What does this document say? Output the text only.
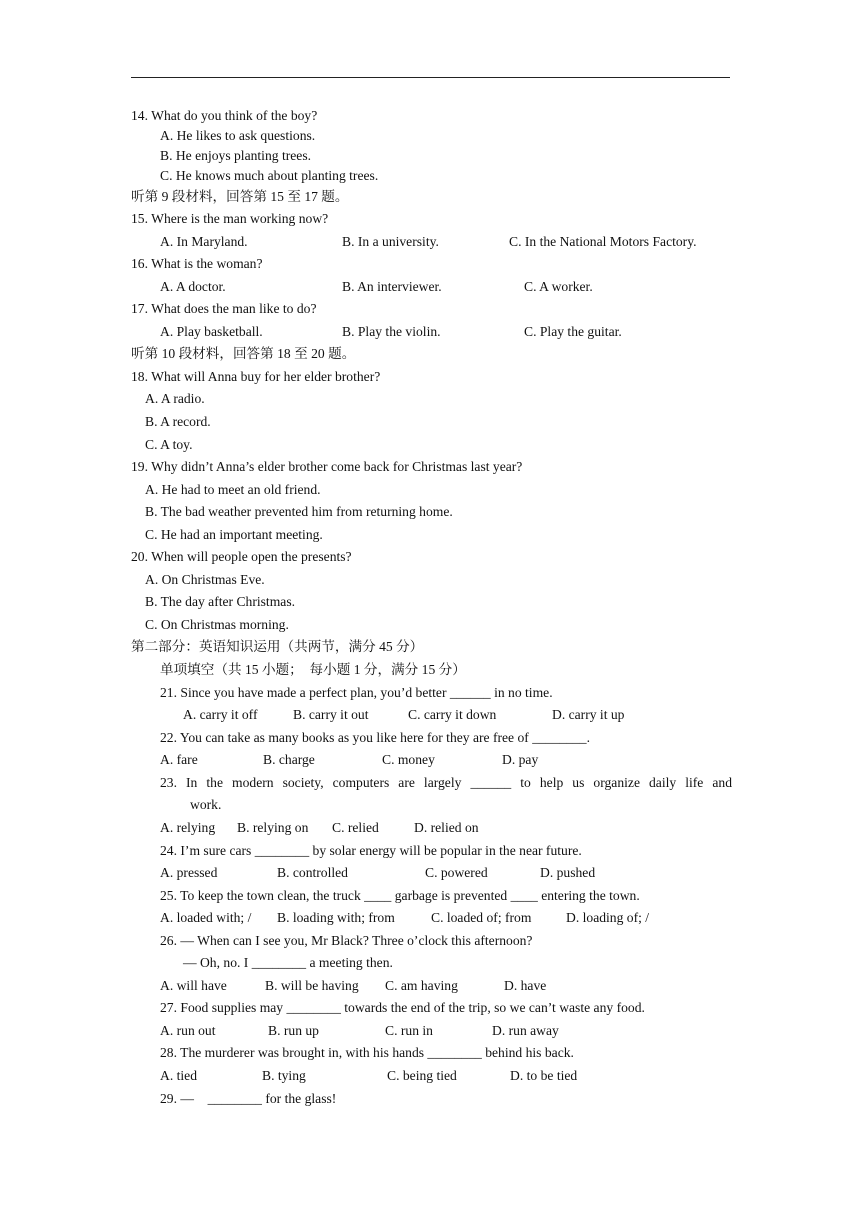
14. What do you think of the boy?
A. He likes to ask questions.
B. He enjoys planting trees.
C. He knows much about planting trees.
听第 9 段材料，回答第 15 至 17 题。
15. Where is the man working now?

A. In Maryland.

	B. In a university.

	C. In the National Motors Factory.

16. What is the woman?

A. A doctor.

	B. An interviewer.

	C. A worker.

17. What does the man like to do?

A. Play basketball.

	B. Play the violin.

	C. Play the guitar.

听第 10 段材料，回答第 18 至 20 题。
18. What will Anna buy for her elder brother?
A. A radio.
B. A record.
C. A toy.
19. Why didn’t Anna’s elder brother come back for Christmas last year?
A. He had to meet an old friend.
B. The bad weather prevented him from returning home.
C. He had an important meeting.
20. When will people open the presents?
A. On Christmas Eve.
B. The day after Christmas.
C. On Christmas morning.
第二部分：英语知识运用（共两节，满分 45 分）
单项填空（共 15 小题；　每小题 1 分，满分 15 分）
21. Since you have made a perfect plan, you’d better ______ in no time.

A. carry it off

	B. carry it out

	C. carry it down

	D. carry it up

22. You can take as many books as you like here for they are free of ________.

A. fare

	B. charge

	C. money

	D. pay

23. In the modern society, computers are largely ______ to help us organize daily life and
work.

A. relying

B. relying on

C. relied

	D. relied on

24. I’m sure cars ________ by solar energy will be popular in the near future.

A. pressed

	B. controlled

	C. powered

	D. pushed

25. To keep the town clean, the truck ____ garbage is prevented ____ entering the town.

A. loaded with; /

B. loading with; from

	C. loaded of; from

	D. loading of; /

26. ― When can I see you, Mr Black? Three o’clock this afternoon?
― Oh, no. I ________ a meeting then.

A. will have

	B. will be having

C. am having

	D. have

27. Food supplies may ________ towards the end of the trip, so we can’t waste any food.

A. run out

	B. run up

	C. run in

	D. run away

28. The murderer was brought in, with his hands ________ behind his back.

A. tied

	B. tying

	C. being tied

	D. to be tied

29. ―　________ for the glass!
